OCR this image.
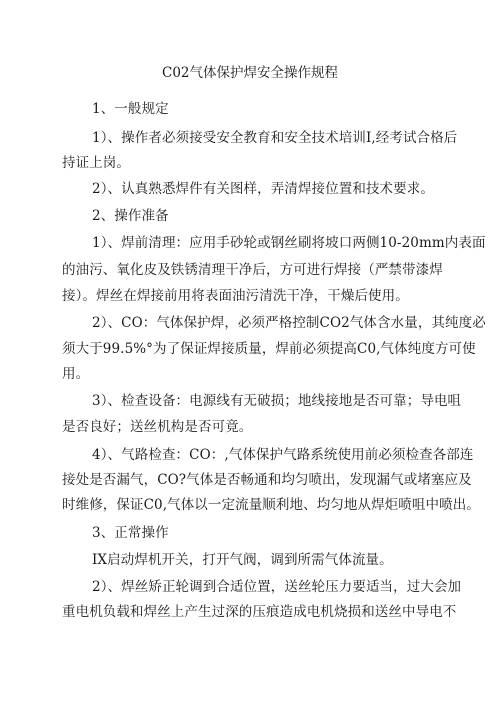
C02气体保护焊安全操作规程
1、一般规定
1）、操作者必须接受安全教育和安全技术培训I,经考试合格后
持证上岗。
2）、认真熟悉焊件有关图样，弄清焊接位置和技术要求。
2、操作准备
1）、焊前清理：应用手砂轮或钢丝刷将坡口两侧10-20mm内表面
的油污、氧化皮及铁锈清理干净后，方可进行焊接（严禁带漆焊
接）。焊丝在焊接前用将表面油污清洗干净，干燥后使用。
2）、CO：气体保护焊，必须严格控制CO2气体含水量，其纯度必
须大于99.5%°为了保证焊接质量，焊前必须提高C0,气体纯度方可使
用。
3）、检查设备：电源线有无破损；地线接地是否可靠；导电咀
是否良好；送丝机构是否可竟。
4）、气路检查：CO：,气体保护气路系统使用前必须检查各部连
接处是否漏气，CO?气体是否畅通和均匀喷出，发现漏气或堵塞应及
时维修，保证C0,气体以一定流量顺利地、均匀地从焊炬喷咀中喷出。
3、正常操作
IX启动焊机开关，打开气阀，调到所需气体流量。
2）、焊丝矫正轮调到合适位置，送丝轮压力要适当，过大会加
重电机负载和焊丝上产生过深的压痕造成电机烧损和送丝中导电不
